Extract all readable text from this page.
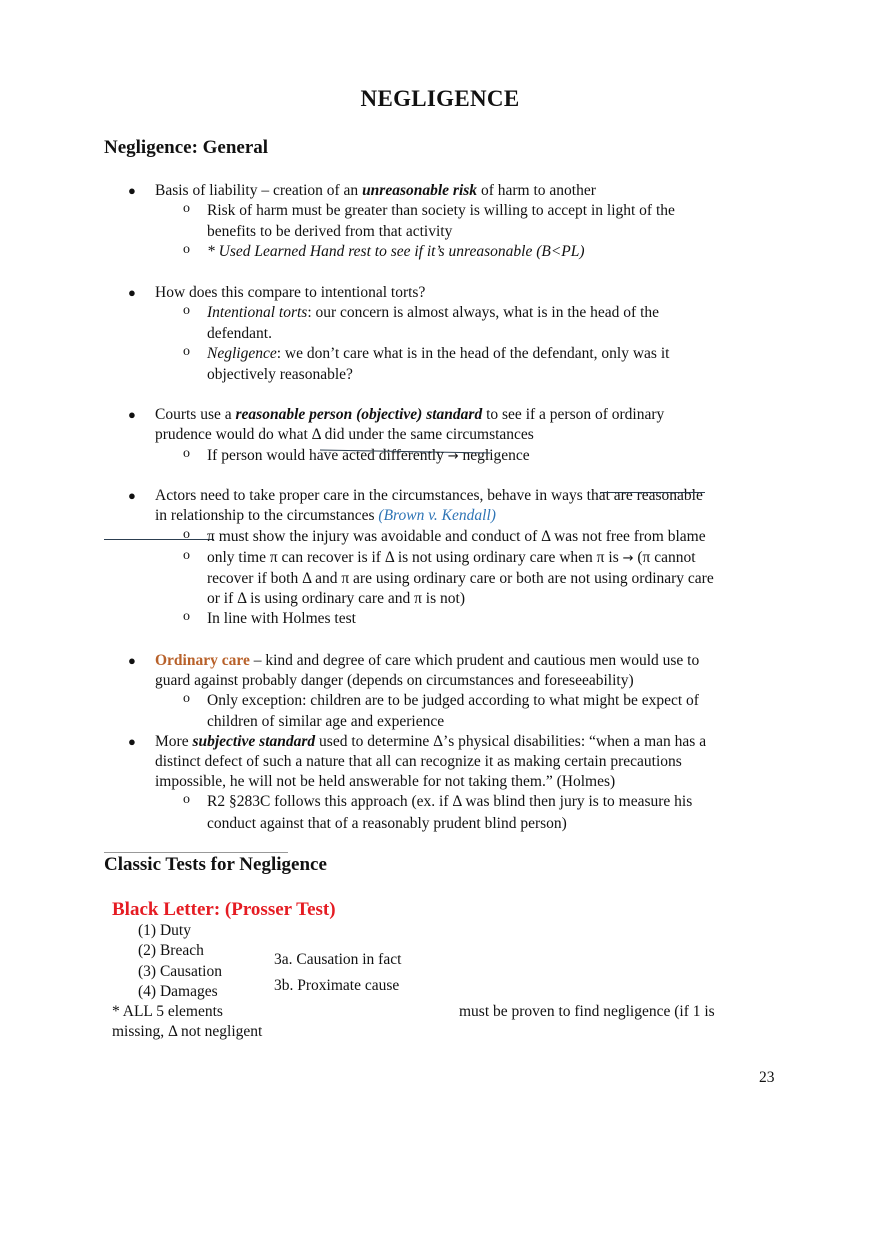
NEGLIGENCE
Negligence: General
● Basis of liability – creation of an unreasonable risk of harm to another
o Risk of harm must be greater than society is willing to accept in light of the
benefits to be derived from that activity
o * Used Learned Hand rest to see if it’s unreasonable (B<PL)
● How does this compare to intentional torts?
o Intentional torts: our concern is almost always, what is in the head of the
defendant.
o Negligence: we don’t care what is in the head of the defendant, only was it
objectively reasonable?
● Courts use a reasonable person (objective) standard to see if a person of ordinary
prudence would do what Δ did under the same circumstances
o If person would have acted differently → negligence
● Actors need to take proper care in the circumstances, behave in ways that are reasonable
in relationship to the circumstances (Brown v. Kendall)
o π must show the injury was avoidable and conduct of Δ was not free from blame
o only time π can recover is if Δ is not using ordinary care when π is → (π cannot
recover if both Δ and π are using ordinary care or both are not using ordinary care
or if Δ is using ordinary care and π is not)
o In line with Holmes test
● Ordinary care – kind and degree of care which prudent and cautious men would use to
guard against probably danger (depends on circumstances and foreseeability)
o Only exception: children are to be judged according to what might be expect of
children of similar age and experience
● More subjective standard used to determine Δ’s physical disabilities: “when a man has a
distinct defect of such a nature that all can recognize it as making certain precautions
impossible, he will not be held answerable for not taking them.” (Holmes)
o R2 §283C follows this approach (ex. if Δ was blind then jury is to measure his
conduct against that of a reasonably prudent blind person)
Classic Tests for Negligence
Black Letter: (Prosser Test)
(1) Duty
(2) Breach
(3) Causation
(4) Damages
3a. Causation in fact
3b. Proximate cause
* ALL 5 elements	must be proven to find negligence (if 1 is
missing, Δ not negligent
23
